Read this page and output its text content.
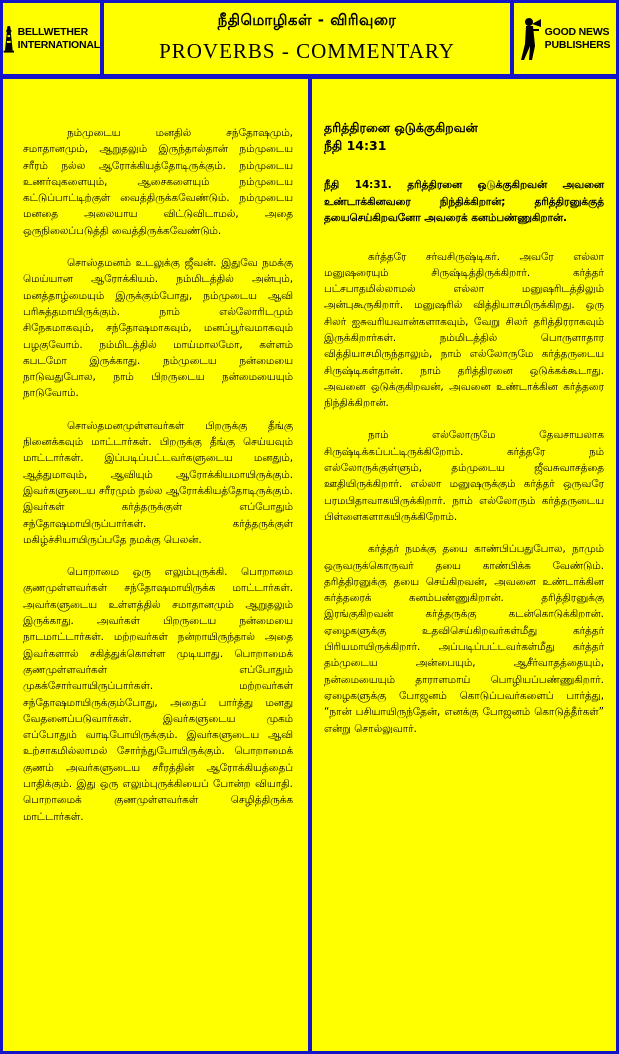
BELLWETHER
INTERNATIONAL
நீதிமொழிகள் - விரிவுரை
PROVERBS - COMMENTARY
GOOD NEWS
PUBLISHERS

நம்முடைய மனதில் சந்தோஷமும், சமாதானமும், ஆறுதலும் இருந்தால்தான் நம்முடைய சரீரம் நல்ல ஆரோக்கியத்தோடிருக்கும். நம்முடைய உணர்வுகளையும், ஆசைகளையும் நம்முடைய கட்டுப்பாட்டிற்குள் வைத்திருக்கவேண்டும். நம்முடைய மனதை அலையாய விட்டுவிடாமல், அதை ஒருநிலைப்படுத்தி வைத்திருக்கவேண்டும்.

சொஸ்தமனம் உடலுக்கு ஜீவன். இதுவே நமக்கு மெய்யான ஆரோக்கியம். நம்மிடத்தில் அன்பும், மனத்தாழ்மையும் இருக்கும்போது, நம்முடைய ஆவி பரிசுத்தமாயிருக்கும். நாம் எல்லோரிடமும் சிநேகமாகவும், சந்தோஷமாகவும், மனப்பூர்வமாகவும் பழகுவோம். நம்மிடத்தில் மாய்மாலமோ, கள்ளம் கபடமோ இருக்காது. நம்முடைய நன்மையை நாடுவதுபோல, நாம் பிறருடைய நன்மையையும் நாடுவோம்.

சொஸ்தமனமுள்ளவர்கள் பிறருக்கு தீங்கு நினைக்கவும் மாட்டார்கள். பிறருக்கு தீங்கு செய்யவும் மாட்டார்கள். இப்படிப்பட்டவர்களுடைய மனதும், ஆத்துமாவும், ஆவியும் ஆரோக்கியமாயிருக்கும். இவர்களுடைய சரீரமும் நல்ல ஆரோக்கியத்தோடிருக்கும். இவர்கள் கர்த்தருக்குள் எப்போதும் சந்தோஷமாயிருப்பார்கள். கர்த்தருக்குள் மகிழ்ச்சியாயிருப்பதே நமக்கு பெலன்.

பொறாமை ஒரு எலும்புருக்கி. பொறாமை குணமுள்ளவர்கள் சந்தோஷமாயிருக்க மாட்டார்கள். அவர்களுடைய உள்ளத்தில் சமாதானமும் ஆறுதலும் இருக்காது. அவர்கள் பிறருடைய நன்மையை நாடமாட்டார்கள். மற்றவர்கள் நன்றாயிருந்தால் அதை இவர்களால் சகித்துக்கொள்ள முடியாது. பொறாமைக் குணமுள்ளவர்கள் எப்போதும் முகக்சோர்வாயிருப்பார்கள். மற்றவர்கள் சந்தோஷமாயிருக்கும்போது, அதைப் பார்த்து மனது வேதனைப்படுவார்கள். இவர்களுடைய முகம் எப்போதும் வாடிபோயிருக்கும். இவர்களுடைய ஆவி உற்சாகமில்லாமல் சோர்ந்துபோயிருக்கும். பொறாமைக் குணம் அவர்களுடைய சரீரத்தின் ஆரோக்கியத்தைப் பாதிக்கும். இது ஒரு எலும்புருக்கியைப் போன்ற வியாதி. பொறாமைக் குணமுள்ளவர்கள் செழித்திருக்க மாட்டார்கள்.

தரித்திரனை ஒடுக்குகிறவன்
நீதி 14:31

நீதி 14:31. தரித்திரனை ஒடுக்குகிறவன் அவனை உண்டாக்கினவரை நிந்திக்கிறான்; தரித்திரனுக்குத் தயைசெய்கிறவனோ அவரைக் கனம்பண்ணுகிறான்.

கர்த்தரே சர்வசிருஷ்டிகர். அவரே எல்லா மனுஷரையும் சிருஷ்டித்திருக்கிறார். கர்த்தர் பட்சபாதமில்லாமல் எல்லா மனுஷரிடத்திலும் அன்புகூருகிறார். மனுஷரில் வித்தியாசமிருக்கிறது. ஒரு சிலர் ஐசுவரியவான்களாகவும், வேறு சிலர் தரித்திரராகவும் இருக்கிறார்கள். நம்மிடத்தில் பொருளாதார வித்தியாசமிருந்தாலும், நாம் எல்லோருமே கர்த்தருடைய சிருஷ்டிகள்தான். நாம் தரித்திரனை ஒடுக்கக்கூடாது. அவனை ஒடுக்குகிறவன், அவனை உண்டாக்கின கர்த்தரை நிந்திக்கிறான்.

நாம் எல்லோருமே தேவசாயலாக சிருஷ்டிக்கப்பட்டிருக்கிறோம். கர்த்தரே நம் எல்லோருக்குள்ளும், தம்முடைய ஜீவசுவாசத்தை ஊதியிருக்கிறார். எல்லா மனுஷருக்கும் கர்த்தர் ஒருவரே பரமபிதாவாகயிருக்கிறார். நாம் எல்லோரும் கர்த்தருடைய பிள்ளைகளாகயிருக்கிறோம்.

கர்த்தர் நமக்கு தயை காண்பிப்பதுபோல, நாமும் ஒருவருக்கொருவர் தயை காண்பிக்க வேண்டும். தரித்திரனுக்கு தயை செய்கிறவன், அவனை உண்டாக்கின கர்த்தரைக் கனம்பண்ணுகிறான். தரித்திரனுக்கு இரங்குகிறவன் கர்த்தருக்கு கடன்கொடுக்கிறான். ஏழைகளுக்கு உதவிசெய்கிறவர்கள்மீது கர்த்தர் பிரியமாயிருக்கிறார். அப்படிப்பட்டவர்கள்மீது கர்த்தர் தம்முடைய அன்பையும், ஆசீர்வாதத்தையும், நன்மையையும் தாராளமாய் பொழியப்பண்ணுகிறார். ஏழைகளுக்கு போஜனம் கொடுப்பவர்களைப் பார்த்து, “நான் பசியாயிருந்தேன், எனக்கு போஜனம் கொடுத்தீர்கள்” என்று சொல்லுவார்.
